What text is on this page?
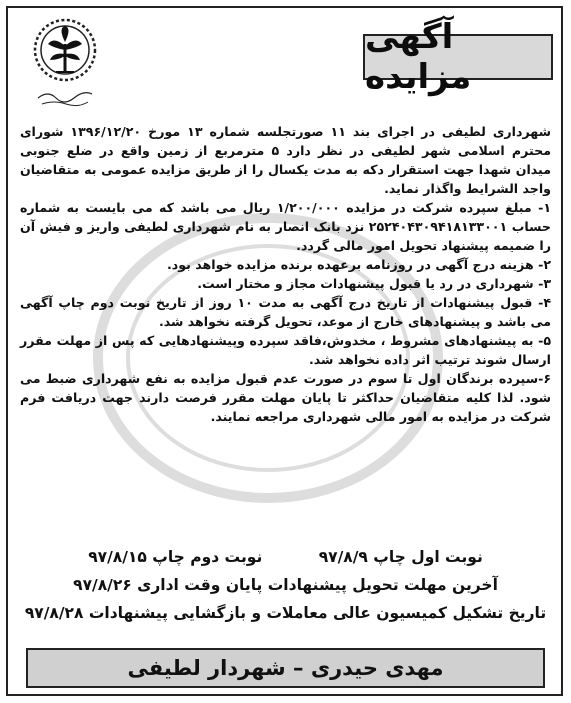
آگهی مزایده

شهرداری لطیفی در اجرای بند ۱۱ صورتجلسه شماره ۱۳ مورخ ۱۳۹۶/۱۲/۲۰ شورای محترم اسلامی شهر لطیفی در نظر دارد ۵ مترمربع از زمین واقع در ضلع جنوبی میدان شهدا جهت استقرار دکه به مدت یکسال را از طریق مزایده عمومی به متقاضیان واجد الشرایط واگذار نماید.

۱- مبلغ سپرده شرکت در مزایده ۱/۲۰۰/۰۰۰ ریال می باشد که می بایست به شماره حساب ۲۵۲۴۰۴۳۰۹۴۱۸۱۳۳۰۰۱ نزد بانک انصار به نام شهرداری لطیفی واریز و فیش آن را ضمیمه پیشنهاد تحویل امور مالی گردد.

۲- هزینه درج آگهی در روزنامه برعهده برنده مزایده خواهد بود.

۳- شهرداری در رد یا قبول پیشنهادات مجاز و مختار است.

۴- قبول پیشنهادات از تاریخ درج آگهی به مدت ۱۰ روز از تاریخ نوبت دوم چاپ آگهی می باشد و پیشنهادهای خارج از موعد، تحویل گرفته نخواهد شد.

۵- به پیشنهادهای مشروط ، مخدوش،فاقد سپرده وپیشنهادهایی که پس از مهلت مقرر ارسال شوند ترتیب اثر داده نخواهد شد.

۶-سپرده برندگان اول تا سوم در صورت عدم قبول مزایده به نفع شهرداری ضبط می شود. لذا کلیه متقاضیان حداکثر تا پایان مهلت مقرر فرصت دارند جهت دریافت فرم شرکت در مزایده به امور مالی شهرداری مراجعه نمایند.

نوبت اول چاپ ۹۷/۸/۹
نوبت دوم چاپ ۹۷/۸/۱۵
آخرین مهلت تحویل پیشنهادات پایان وقت اداری ۹۷/۸/۲۶
تاریخ تشکیل کمیسیون عالی معاملات و بازگشایی پیشنهادات ۹۷/۸/۲۸
مهدی حیدری – شهردار لطیفی
